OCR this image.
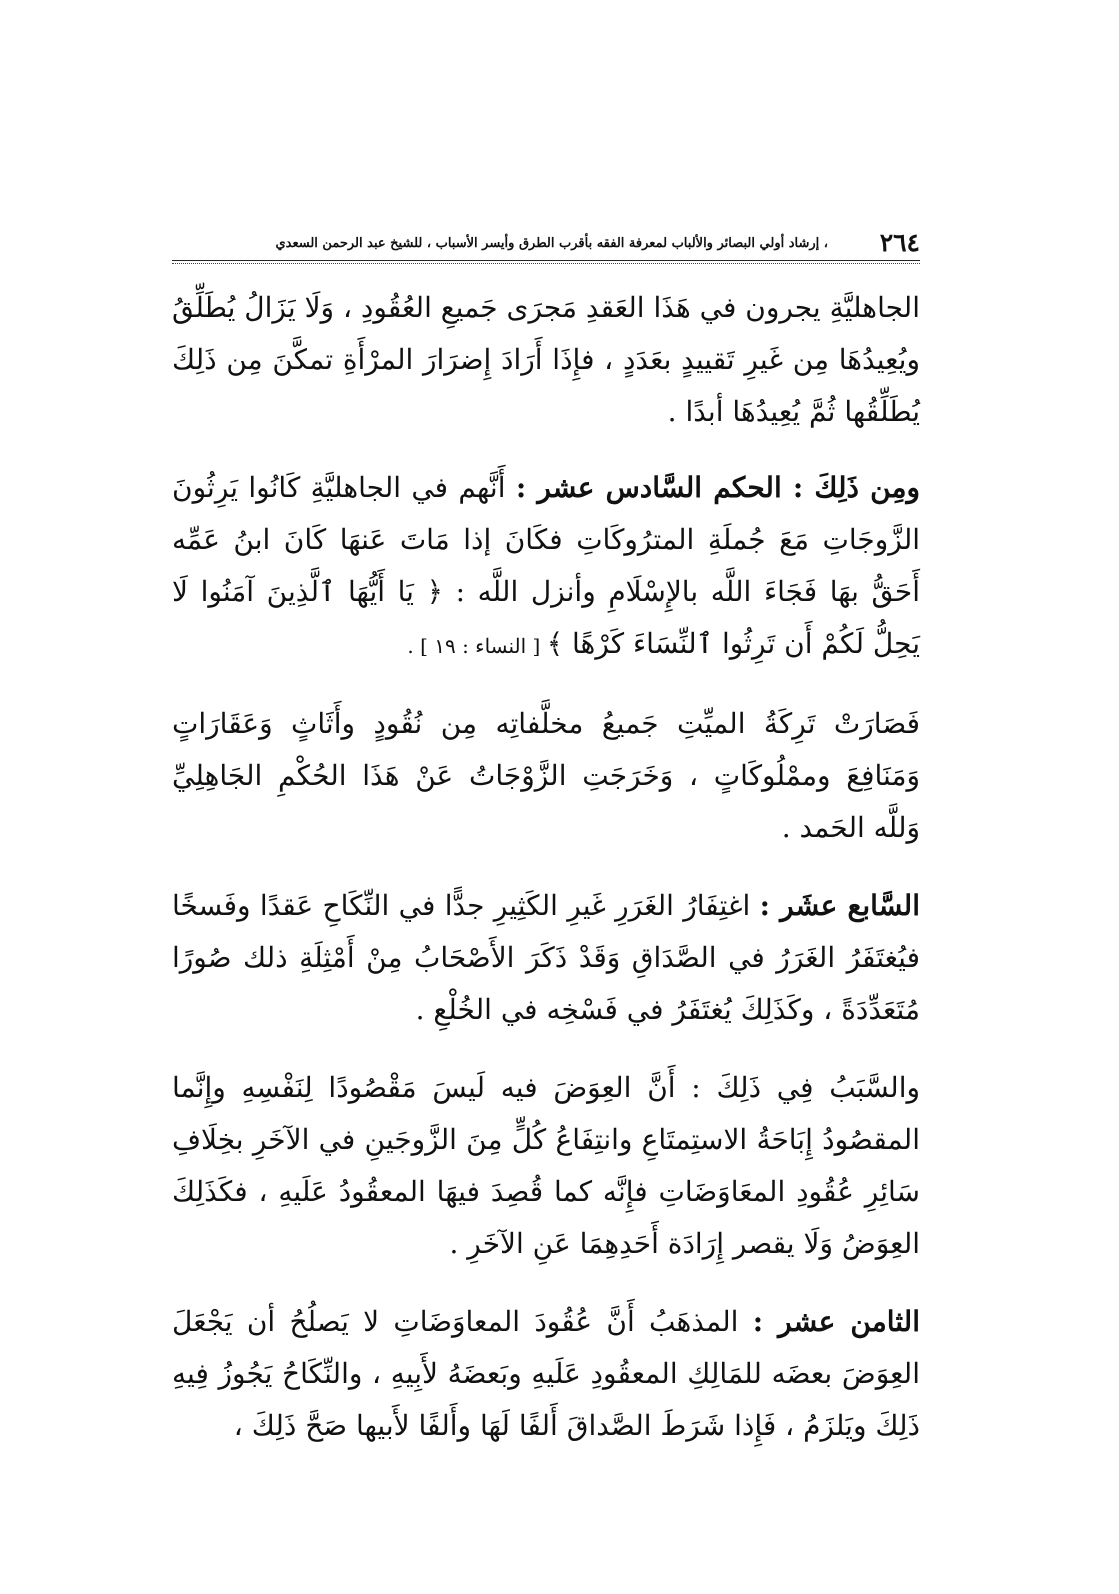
٢٦٤
، إرشاد أولي البصائر والألباب لمعرفة الفقه بأقرب الطرق وأيسر الأسباب ، للشيخ عبد الرحمن السعدي

الجاهليَّةِ يجرون في هَذَا العَقدِ مَجرَى جَميعِ العُقُودِ ، وَلَا يَزَالُ يُطَلِّقُ ويُعِيدُهَا مِن غَيرِ تَقييدٍ بعَدَدٍ ، فإِذَا أَرَادَ إِضرَارَ المرْأَةِ تمكَّنَ مِن ذَلِكَ يُطَلِّقُها ثُمَّ يُعِيدُهَا أبدًا .

ومِن ذَلِكَ : الحكم السَّادس عشر : أَنَّهم في الجاهليَّةِ كَانُوا يَرِثُونَ الزَّوجَاتِ مَعَ جُملَةِ المترُوكَاتِ فكَانَ إذا مَاتَ عَنهَا كَانَ ابنُ عَمِّه أَحَقُّ بهَا فَجَاءَ اللَّه بالإِسْلَامِ وأنزل اللَّه : ﴿ يَا أَيُّهَا ٱلَّذِينَ آمَنُوا لَا يَحِلُّ لَكُمْ أَن تَرِثُوا ٱلنِّسَاءَ كَرْهًا ﴾ [ النساء : ١٩ ] .

فَصَارَتْ تَرِكَةُ الميِّتِ جَميعُ مخلَّفاتِه مِن نُقُودٍ وأَثَاثٍ وَعَقَارَاتٍ وَمَنَافِعَ وممْلُوكَاتٍ ، وَخَرَجَتِ الزَّوْجَاتُ عَنْ هَذَا الحُكْمِ الجَاهِلِيِّ وَللَّه الحَمد .

السَّابع عشَر : اغتِفَارُ الغَرَرِ غَيرِ الكَثِيرِ جدًّا في النِّكَاحِ عَقدًا وفَسخًا فيُغتَفَرُ الغَرَرُ في الصَّدَاقِ وَقَدْ ذَكَرَ الأَصْحَابُ مِنْ أَمْثِلَةِ ذلك صُورًا مُتَعَدِّدَةً ، وكَذَلِكَ يُغتَفَرُ في فَسْخِه في الخُلْعِ .

والسَّبَبُ فِي ذَلِكَ : أَنَّ العِوَضَ فيه لَيسَ مَقْصُودًا لِنَفْسِهِ وإِنَّما المقصُودُ إِبَاحَةُ الاستِمتَاعِ وانتِفَاعُ كُلٍّ مِنَ الزَّوجَينِ في الآخَرِ بخِلَافِ سَائِرِ عُقُودِ المعَاوَضَاتِ فإِنَّه كما قُصِدَ فيهَا المعقُودُ عَلَيهِ ، فكَذَلِكَ العِوَضُ وَلَا يقصر إِرَادَة أَحَدِهِمَا عَنِ الآخَرِ .

الثامن عشر : المذهَبُ أَنَّ عُقُودَ المعاوَضَاتِ لا يَصلُحُ أن يَجْعَلَ العِوَضَ بعضَه للمَالِكِ المعقُودِ عَلَيهِ وبَعضَهُ لأَبِيهِ ، والنِّكَاحُ يَجُوزُ فِيهِ ذَلِكَ ويَلزَمُ ، فَإِذا شَرَطَ الصَّداقَ أَلفًا لَهَا وأَلفًا لأَبيها صَحَّ ذَلِكَ ،
